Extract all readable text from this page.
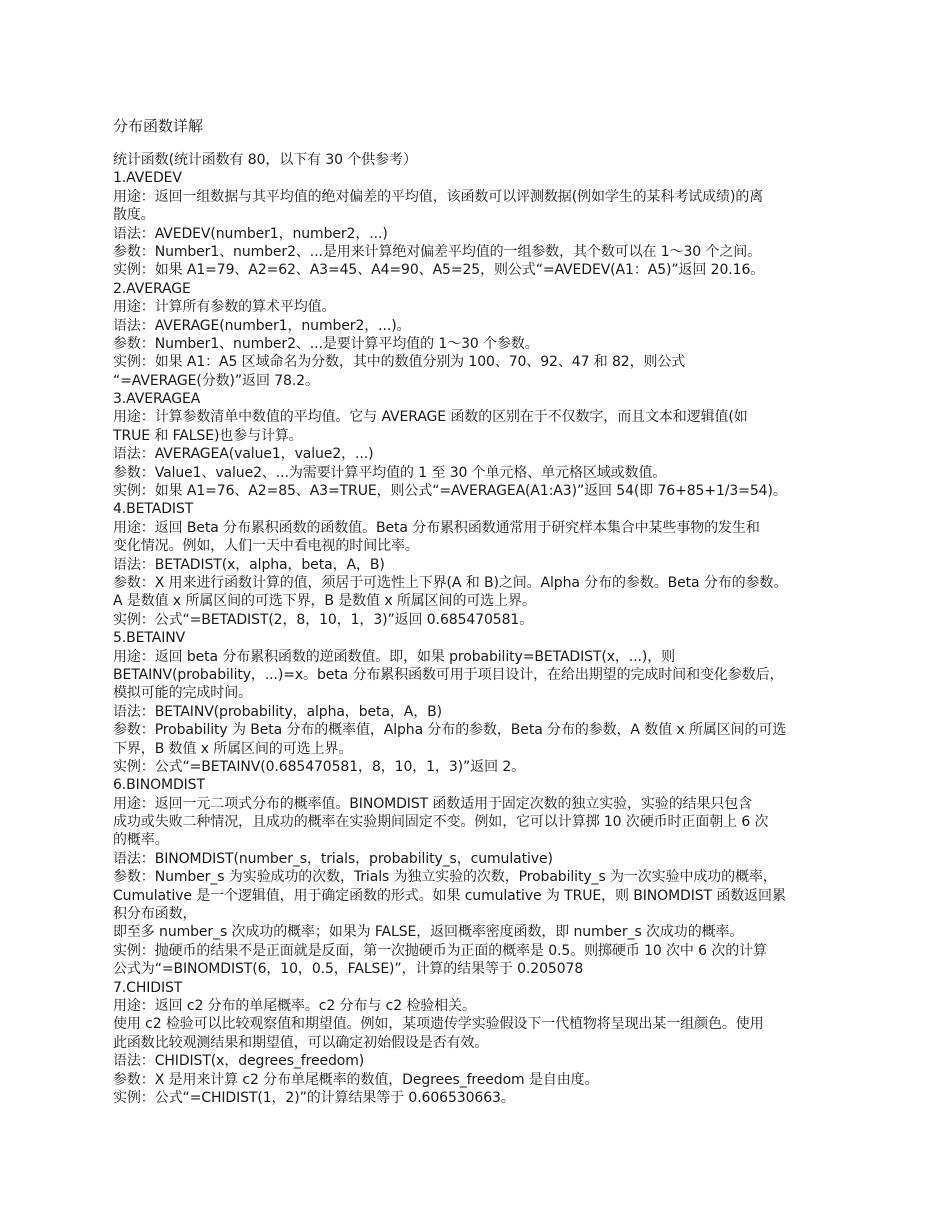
分布函数详解
统计函数(统计函数有 80，以下有 30 个供参考）
1.AVEDEV
用途：返回一组数据与其平均值的绝对偏差的平均值，该函数可以评测数据(例如学生的某科考试成绩)的离
散度。
语法：AVEDEV(number1，number2，...)
参数：Number1、number2、...是用来计算绝对偏差平均值的一组参数，其个数可以在 1～30 个之间。
实例：如果 A1=79、A2=62、A3=45、A4=90、A5=25，则公式“=AVEDEV(A1：A5)”返回 20.16。
2.AVERAGE
用途：计算所有参数的算术平均值。
语法：AVERAGE(number1，number2，...)。
参数：Number1、number2、...是要计算平均值的 1～30 个参数。
实例：如果 A1：A5 区域命名为分数，其中的数值分别为 100、70、92、47 和 82，则公式
“=AVERAGE(分数)”返回 78.2。
3.AVERAGEA
用途：计算参数清单中数值的平均值。它与 AVERAGE 函数的区别在于不仅数字，而且文本和逻辑值(如
TRUE 和 FALSE)也参与计算。
语法：AVERAGEA(value1，value2，...)
参数：Value1、value2、...为需要计算平均值的 1 至 30 个单元格、单元格区域或数值。
实例：如果 A1=76、A2=85、A3=TRUE，则公式“=AVERAGEA(A1:A3)”返回 54(即 76+85+1/3=54)。
4.BETADIST
用途：返回 Beta 分布累积函数的函数值。Beta 分布累积函数通常用于研究样本集合中某些事物的发生和
变化情况。例如，人们一天中看电视的时间比率。
语法：BETADIST(x，alpha，beta，A，B)
参数：X 用来进行函数计算的值，须居于可选性上下界(A 和 B)之间。Alpha 分布的参数。Beta 分布的参数。
A 是数值 x 所属区间的可选下界，B 是数值 x 所属区间的可选上界。
实例：公式“=BETADIST(2，8，10，1，3)”返回 0.685470581。
5.BETAINV
用途：返回 beta 分布累积函数的逆函数值。即，如果 probability=BETADIST(x，...)，则
BETAINV(probability，...)=x。beta 分布累积函数可用于项目设计，在给出期望的完成时间和变化参数后，
模拟可能的完成时间。
语法：BETAINV(probability，alpha，beta，A，B)
参数：Probability 为 Beta 分布的概率值，Alpha 分布的参数，Beta 分布的参数，A 数值 x 所属区间的可选
下界，B 数值 x 所属区间的可选上界。
实例：公式“=BETAINV(0.685470581，8，10，1，3)”返回 2。
6.BINOMDIST
用途：返回一元二项式分布的概率值。BINOMDIST 函数适用于固定次数的独立实验，实验的结果只包含
成功或失败二种情况，且成功的概率在实验期间固定不变。例如，它可以计算掷 10 次硬币时正面朝上 6 次
的概率。
语法：BINOMDIST(number_s，trials，probability_s，cumulative)
参数：Number_s 为实验成功的次数，Trials 为独立实验的次数，Probability_s 为一次实验中成功的概率，
Cumulative 是一个逻辑值，用于确定函数的形式。如果 cumulative 为 TRUE，则 BINOMDIST 函数返回累
积分布函数，
即至多 number_s 次成功的概率；如果为 FALSE，返回概率密度函数，即 number_s 次成功的概率。
实例：抛硬币的结果不是正面就是反面，第一次抛硬币为正面的概率是 0.5。则掷硬币 10 次中 6 次的计算
公式为“=BINOMDIST(6，10，0.5，FALSE)”，计算的结果等于 0.205078
7.CHIDIST
用途：返回 c2 分布的单尾概率。c2 分布与 c2 检验相关。
使用 c2 检验可以比较观察值和期望值。例如，某项遗传学实验假设下一代植物将呈现出某一组颜色。使用
此函数比较观测结果和期望值，可以确定初始假设是否有效。
语法：CHIDIST(x，degrees_freedom)
参数：X 是用来计算 c2 分布单尾概率的数值，Degrees_freedom 是自由度。
实例：公式“=CHIDIST(1，2)”的计算结果等于 0.606530663。
